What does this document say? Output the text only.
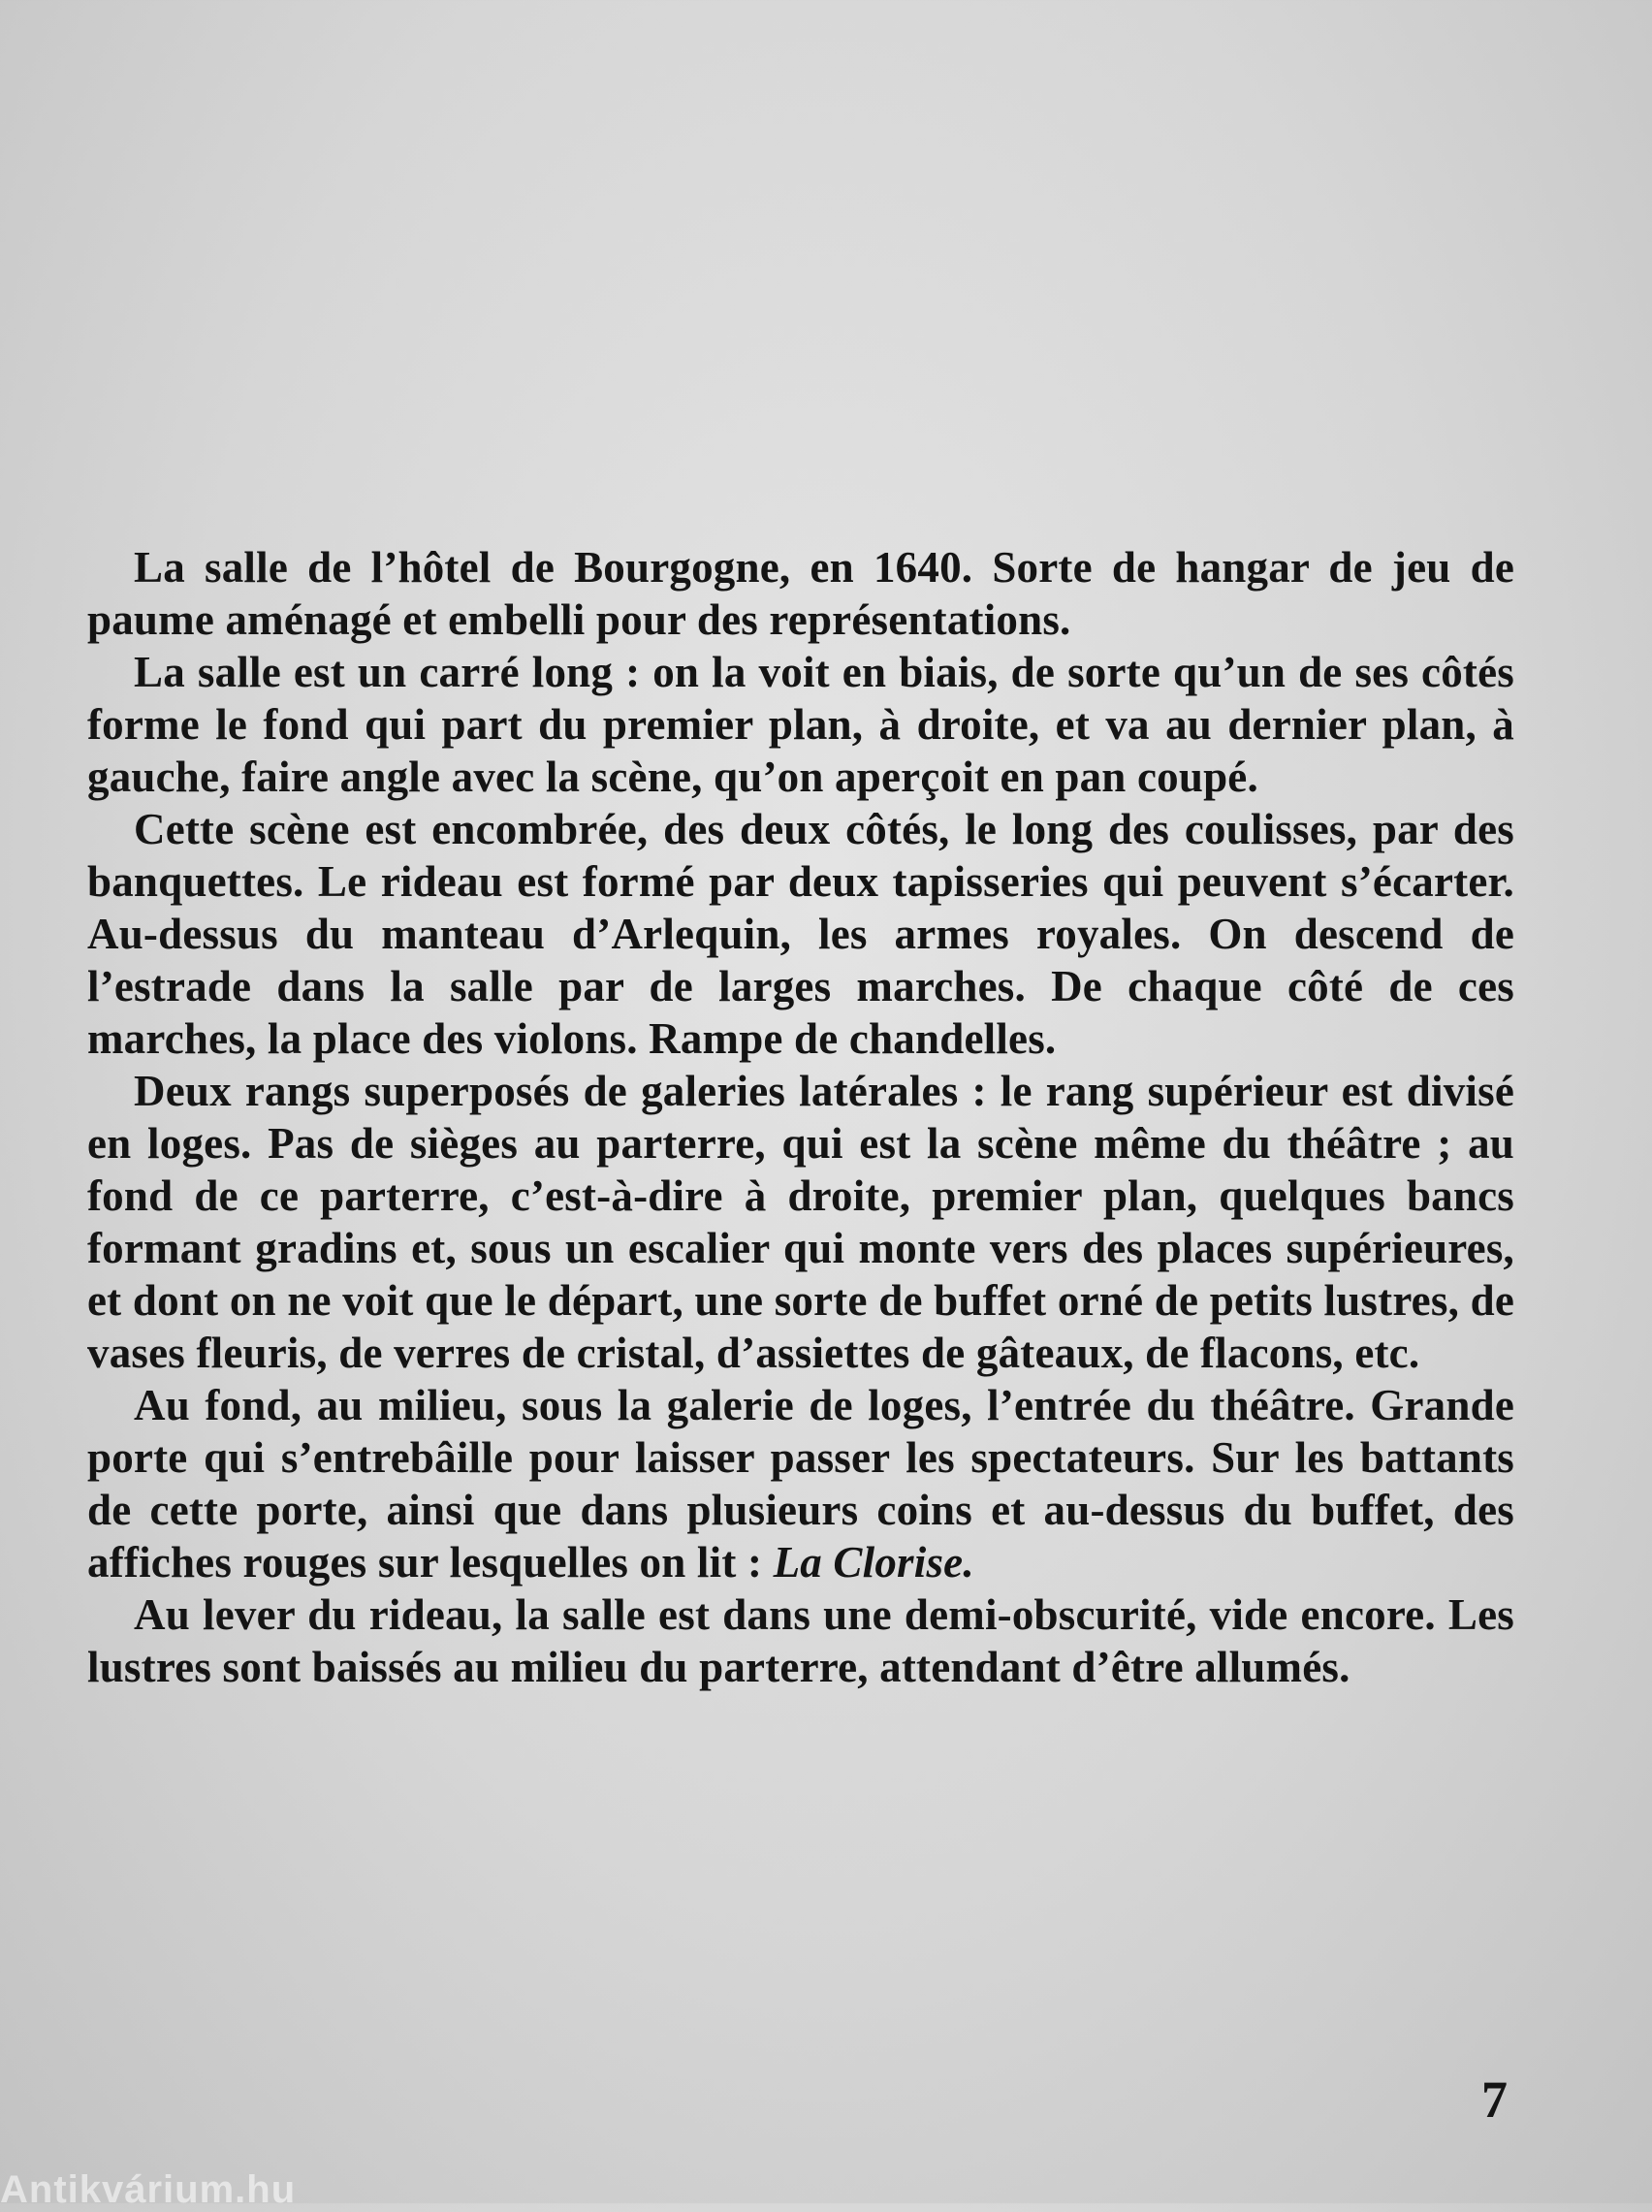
La salle de l’hôtel de Bourgogne, en 1640. Sorte de hangar de jeu de paume aménagé et embelli pour des représentations.

La salle est un carré long : on la voit en biais, de sorte qu’un de ses côtés forme le fond qui part du premier plan, à droite, et va au dernier plan, à gauche, faire angle avec la scène, qu’on aperçoit en pan coupé.

Cette scène est encombrée, des deux côtés, le long des coulisses, par des banquettes. Le rideau est formé par deux tapisseries qui peuvent s’écarter. Au-dessus du manteau d’Arlequin, les armes royales. On descend de l’estrade dans la salle par de larges marches. De chaque côté de ces marches, la place des violons. Rampe de chandelles.

Deux rangs superposés de galeries latérales : le rang supérieur est divisé en loges. Pas de sièges au parterre, qui est la scène même du théâtre ; au fond de ce parterre, c’est-à-dire à droite, premier plan, quelques bancs formant gradins et, sous un escalier qui monte vers des places supérieures, et dont on ne voit que le départ, une sorte de buffet orné de petits lustres, de vases fleuris, de verres de cristal, d’assiettes de gâteaux, de flacons, etc.

Au fond, au milieu, sous la galerie de loges, l’entrée du théâtre. Grande porte qui s’entrebâille pour laisser passer les spectateurs. Sur les battants de cette porte, ainsi que dans plusieurs coins et au-dessus du buffet, des affiches rouges sur lesquelles on lit : La Clorise.

Au lever du rideau, la salle est dans une demi-obscurité, vide encore. Les lustres sont baissés au milieu du parterre, attendant d’être allumés.

7
Antikvárium.hu
